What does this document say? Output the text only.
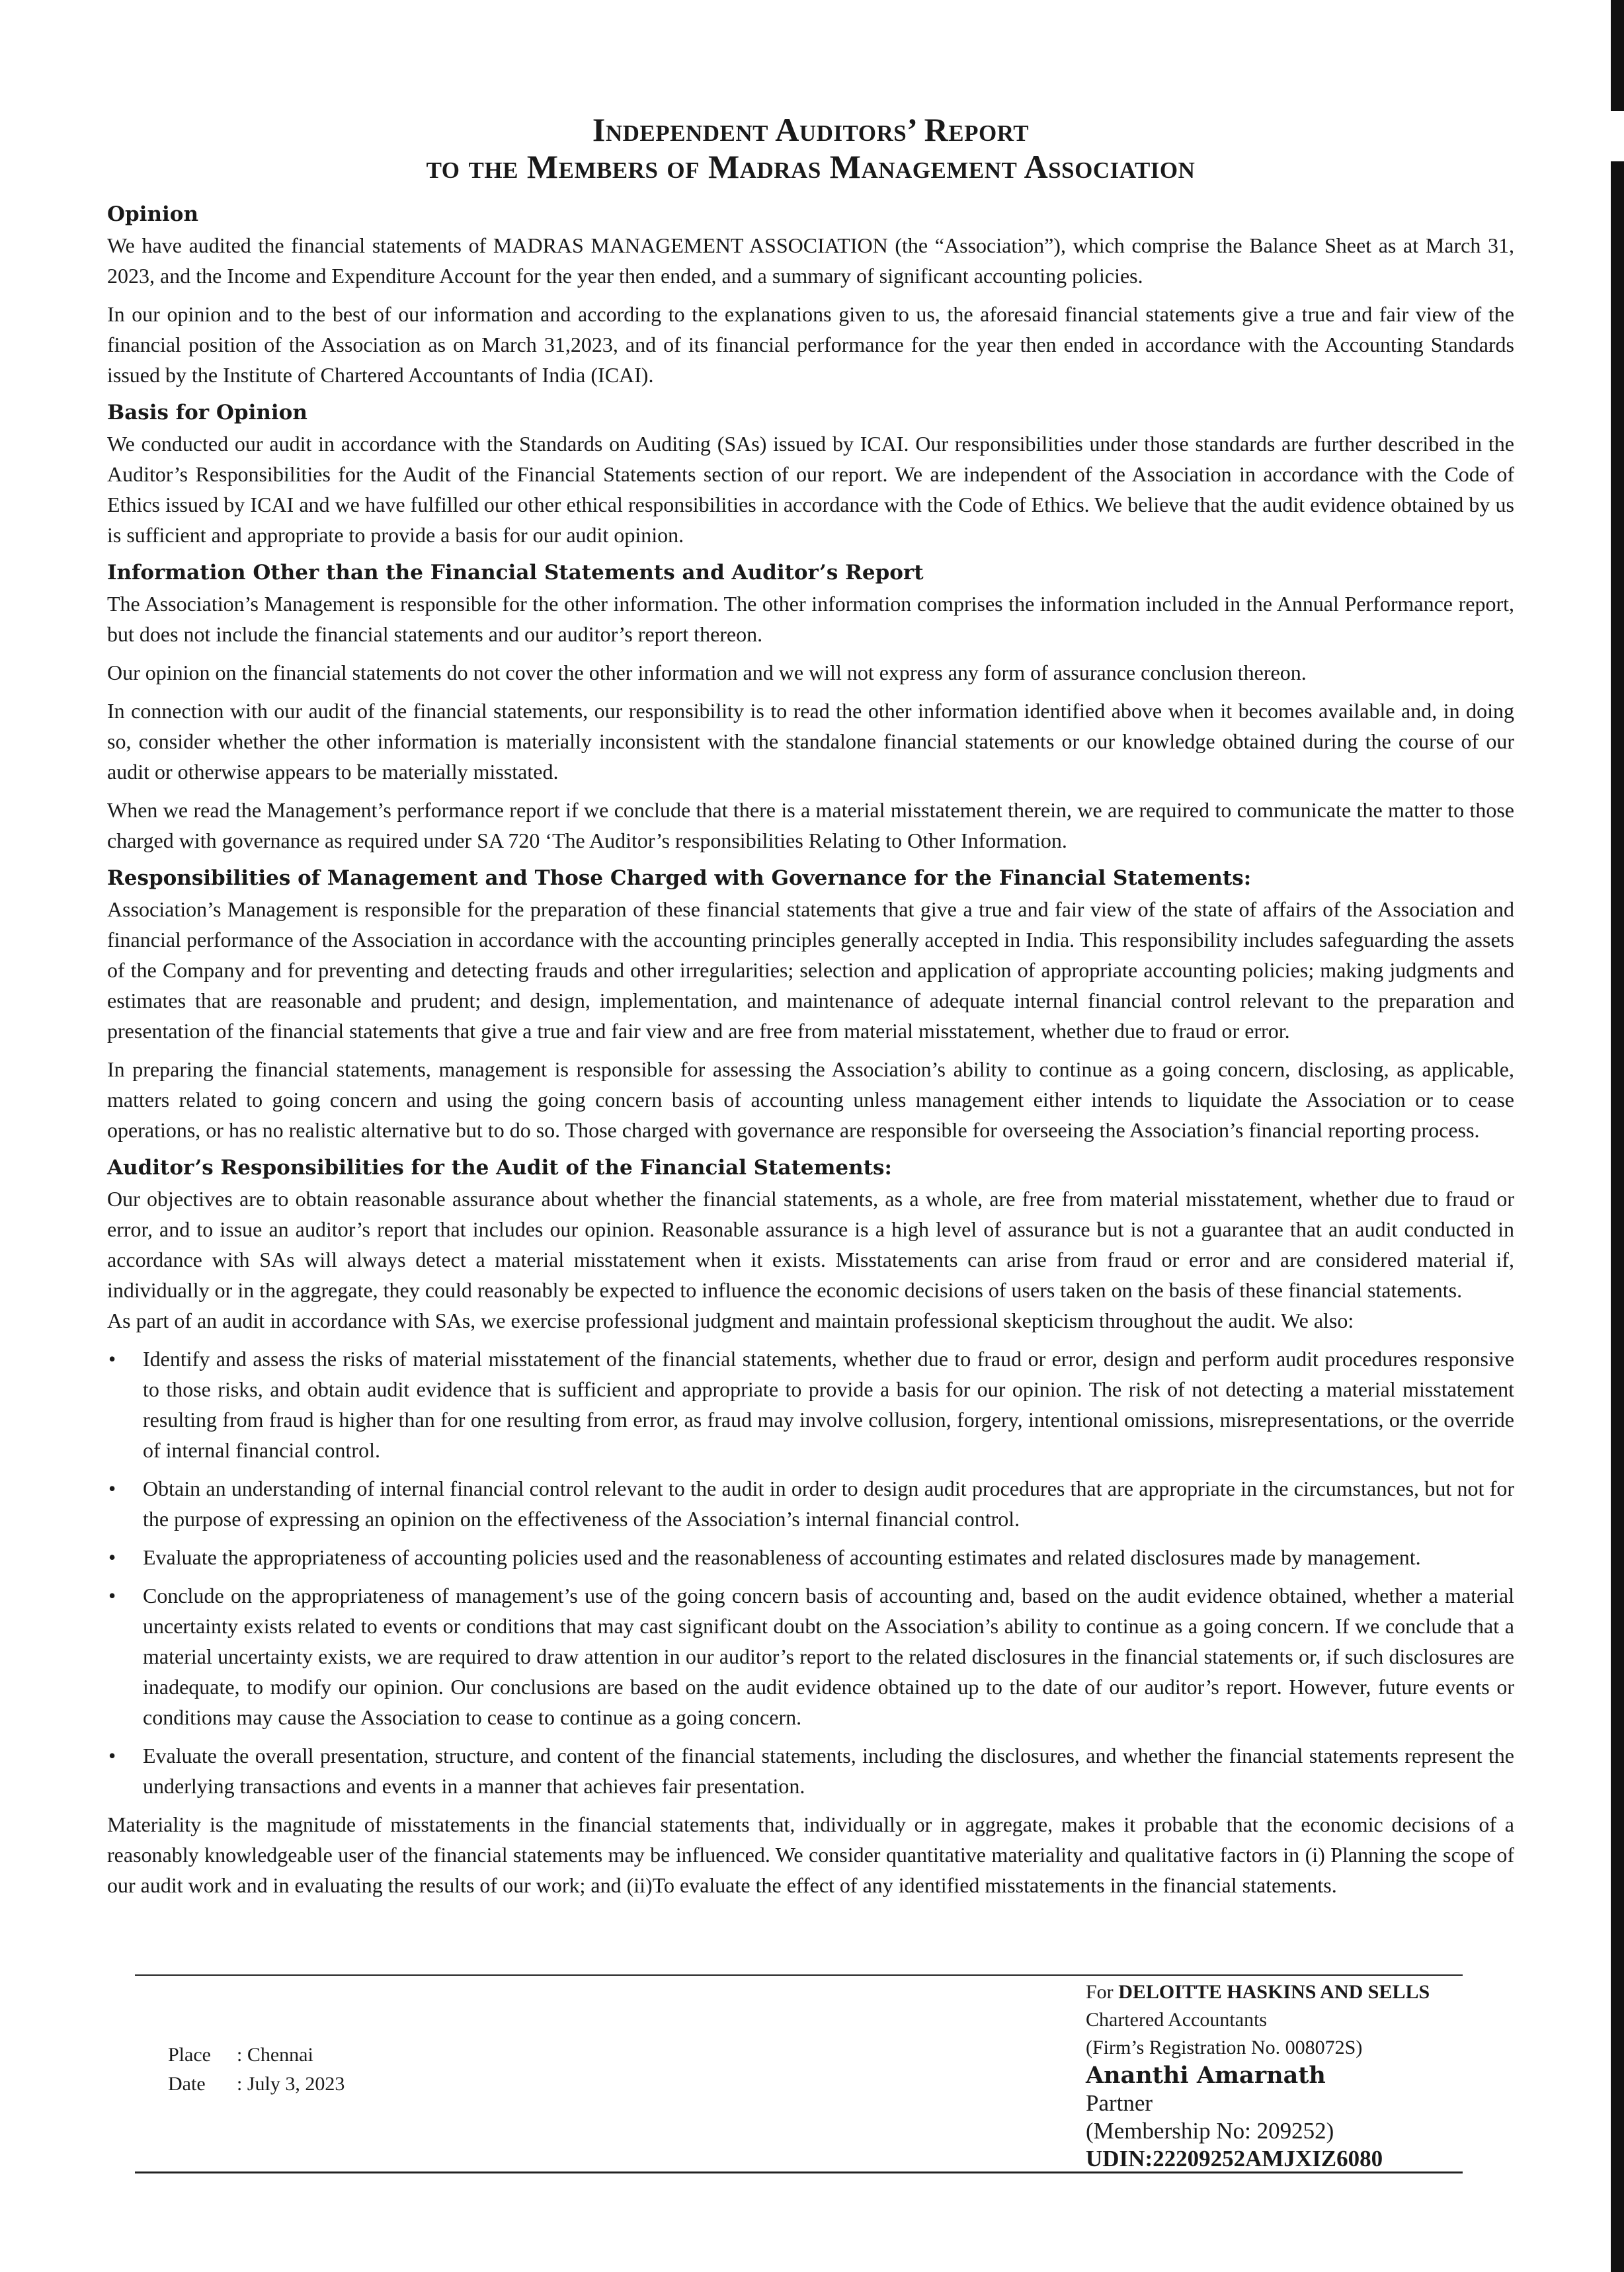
Independent Auditors’ Report
to the Members of Madras Management Association
Opinion

We have audited the financial statements of MADRAS MANAGEMENT ASSOCIATION (the “Association”), which comprise the Balance Sheet as at March 31, 2023, and the Income and Expenditure Account for the year then ended, and a summary of significant accounting policies.

In our opinion and to the best of our information and according to the explanations given to us, the aforesaid financial statements give a true and fair view of the financial position of the Association as on March 31,2023, and of its financial performance for the year then ended in accordance with the Accounting Standards issued by the Institute of Chartered Accountants of India (ICAI).

Basis for Opinion

We conducted our audit in accordance with the Standards on Auditing (SAs) issued by ICAI. Our responsibilities under those standards are further described in the Auditor’s Responsibilities for the Audit of the Financial Statements section of our report. We are independent of the Association in accordance with the Code of Ethics issued by ICAI and we have fulfilled our other ethical responsibilities in accordance with the Code of Ethics. We believe that the audit evidence obtained by us is sufficient and appropriate to provide a basis for our audit opinion.

Information Other than the Financial Statements and Auditor’s Report

The Association’s Management is responsible for the other information. The other information comprises the information included in the Annual Performance report, but does not include the financial statements and our auditor’s report thereon.

Our opinion on the financial statements do not cover the other information and we will not express any form of assurance conclusion thereon.

In connection with our audit of the financial statements, our responsibility is to read the other information identified above when it becomes available and, in doing so, consider whether the other information is materially inconsistent with the standalone financial statements or our knowledge obtained during the course of our audit or otherwise appears to be materially misstated.

When we read the Management’s performance report if we conclude that there is a material misstatement therein, we are required to communicate the matter to those charged with governance as required under SA 720 ‘The Auditor’s responsibilities Relating to Other Information.

Responsibilities of Management and Those Charged with Governance for the Financial Statements:

Association’s Management is responsible for the preparation of these financial statements that give a true and fair view of the state of affairs of the Association and financial performance of the Association in accordance with the accounting principles generally accepted in India. This responsibility includes safeguarding the assets of the Company and for preventing and detecting frauds and other irregularities; selection and application of appropriate accounting policies; making judgments and estimates that are reasonable and prudent; and design, implementation, and maintenance of adequate internal financial control relevant to the preparation and presentation of the financial statements that give a true and fair view and are free from material misstatement, whether due to fraud or error.

In preparing the financial statements, management is responsible for assessing the Association’s ability to continue as a going concern, disclosing, as applicable, matters related to going concern and using the going concern basis of accounting unless management either intends to liquidate the Association or to cease operations, or has no realistic alternative but to do so. Those charged with governance are responsible for overseeing the Association’s financial reporting process.

Auditor’s Responsibilities for the Audit of the Financial Statements:

Our objectives are to obtain reasonable assurance about whether the financial statements, as a whole, are free from material misstatement, whether due to fraud or error, and to issue an auditor’s report that includes our opinion. Reasonable assurance is a high level of assurance but is not a guarantee that an audit conducted in accordance with SAs will always detect a material misstatement when it exists. Misstatements can arise from fraud or error and are considered material if, individually or in the aggregate, they could reasonably be expected to influence the economic decisions of users taken on the basis of these financial statements.

As part of an audit in accordance with SAs, we exercise professional judgment and maintain professional skepticism throughout the audit. We also:

• Identify and assess the risks of material misstatement of the financial statements, whether due to fraud or error, design and perform audit procedures responsive to those risks, and obtain audit evidence that is sufficient and appropriate to provide a basis for our opinion. The risk of not detecting a material misstatement resulting from fraud is higher than for one resulting from error, as fraud may involve collusion, forgery, intentional omissions, misrepresentations, or the override of internal financial control.
• Obtain an understanding of internal financial control relevant to the audit in order to design audit procedures that are appropriate in the circumstances, but not for the purpose of expressing an opinion on the effectiveness of the Association’s internal financial control.
• Evaluate the appropriateness of accounting policies used and the reasonableness of accounting estimates and related disclosures made by management.
• Conclude on the appropriateness of management’s use of the going concern basis of accounting and, based on the audit evidence obtained, whether a material uncertainty exists related to events or conditions that may cast significant doubt on the Association’s ability to continue as a going concern. If we conclude that a material uncertainty exists, we are required to draw attention in our auditor’s report to the related disclosures in the financial statements or, if such disclosures are inadequate, to modify our opinion. Our conclusions are based on the audit evidence obtained up to the date of our auditor’s report. However, future events or conditions may cause the Association to cease to continue as a going concern.
• Evaluate the overall presentation, structure, and content of the financial statements, including the disclosures, and whether the financial statements represent the underlying transactions and events in a manner that achieves fair presentation.

Materiality is the magnitude of misstatements in the financial statements that, individually or in aggregate, makes it probable that the economic decisions of a reasonably knowledgeable user of the financial statements may be influenced. We consider quantitative materiality and qualitative factors in (i) Planning the scope of our audit work and in evaluating the results of our work; and (ii)To evaluate the effect of any identified misstatements in the financial statements.

Place	: Chennai
Date	: July 3, 2023
For DELOITTE HASKINS AND SELLS
Chartered Accountants
(Firm’s Registration No. 008072S)
Ananthi Amarnath
Partner
(Membership No: 209252)
UDIN:22209252AMJXIZ6080
